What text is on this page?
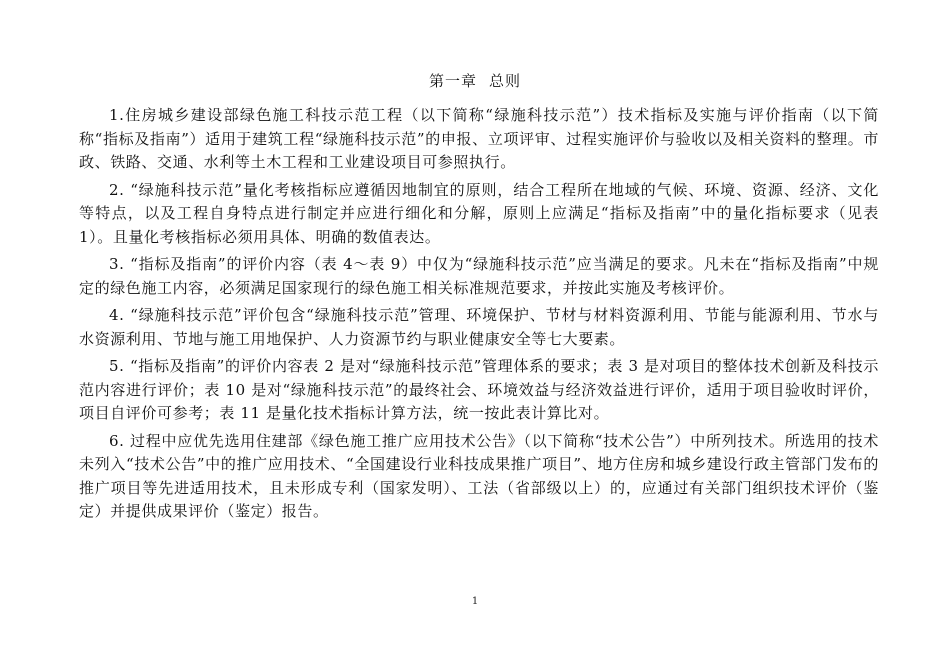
第一章 总则

1.住房城乡建设部绿色施工科技示范工程（以下简称“绿施科技示范”）技术指标及实施与评价指南（以下简称“指标及指南”）适用于建筑工程“绿施科技示范”的申报、立项评审、过程实施评价与验收以及相关资料的整理。市政、铁路、交通、水利等土木工程和工业建设项目可参照执行。

2. “绿施科技示范”量化考核指标应遵循因地制宜的原则，结合工程所在地域的气候、环境、资源、经济、文化等特点，以及工程自身特点进行制定并应进行细化和分解，原则上应满足“指标及指南”中的量化指标要求（见表 1）。且量化考核指标必须用具体、明确的数值表达。

3. “指标及指南”的评价内容（表 4～表 9）中仅为“绿施科技示范”应当满足的要求。凡未在“指标及指南”中规定的绿色施工内容，必须满足国家现行的绿色施工相关标准规范要求，并按此实施及考核评价。

4. “绿施科技示范”评价包含“绿施科技示范”管理、环境保护、节材与材料资源利用、节能与能源利用、节水与水资源利用、节地与施工用地保护、人力资源节约与职业健康安全等七大要素。

5. “指标及指南”的评价内容表 2 是对“绿施科技示范”管理体系的要求；表 3 是对项目的整体技术创新及科技示范内容进行评价；表 10 是对“绿施科技示范”的最终社会、环境效益与经济效益进行评价，适用于项目验收时评价，项目自评价可参考；表 11 是量化技术指标计算方法，统一按此表计算比对。

6. 过程中应优先选用住建部《绿色施工推广应用技术公告》（以下简称“技术公告”）中所列技术。所选用的技术未列入“技术公告”中的推广应用技术、“全国建设行业科技成果推广项目”、地方住房和城乡建设行政主管部门发布的推广项目等先进适用技术，且未形成专利（国家发明）、工法（省部级以上）的，应通过有关部门组织技术评价（鉴定）并提供成果评价（鉴定）报告。

1
